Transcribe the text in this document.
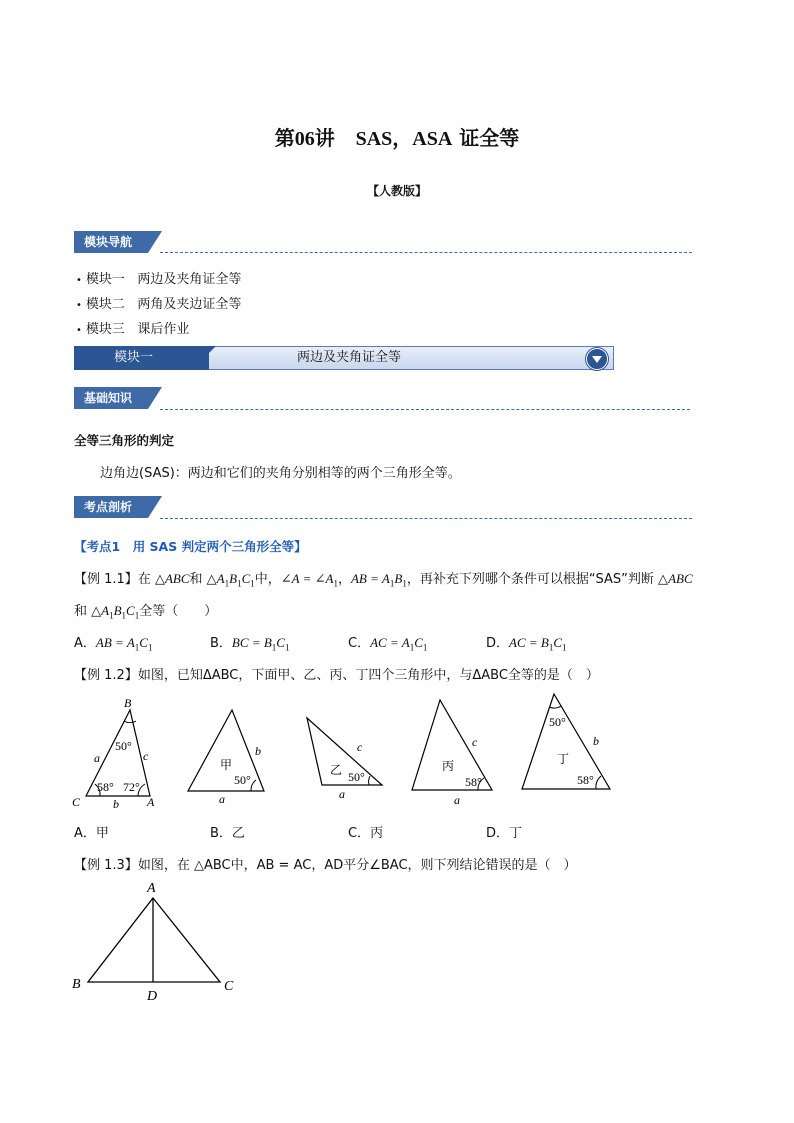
第06讲 SAS，ASA 证全等
【人教版】
模块导航
• 模块一 两边及夹角证全等
• 模块二 两角及夹边证全等
• 模块三 课后作业
两边及夹角证全等
模块一
基础知识
全等三角形的判定
边角边(SAS)：两边和它们的夹角分别相等的两个三角形全等。
考点剖析
【考点1　用 SAS 判定两个三角形全等】
【例 1.1】在 △ABC和 $\triangle A_1B_1C_1$中，∠A = $\angle A_1$，AB = $A_1B_1$，再补充下列哪个条件可以根据“SAS”判断 △ABC
和 $\triangle A_1B_1C_1$全等（　　）
A．AB = $A_1C_1$	B．BC = $B_1C_1$	C．AC = $A_1C_1$	D．AC = $B_1C_1$
【例 1.2】如图，已知ΔABC，下面甲、乙、丙、丁四个三角形中，与ΔABC全等的是（　）
B
C	A
a	c
b
50°
58° 72°
甲
b
a
50°
乙
c
a
50°
丙
c
a
58°
50°
丁
b
58°
A．甲	B．乙	C．丙	D．丁
【例 1.3】如图，在 △ABC中，AB = AC，AD平分∠BAC，则下列结论错误的是（　）
A
B	C
D
